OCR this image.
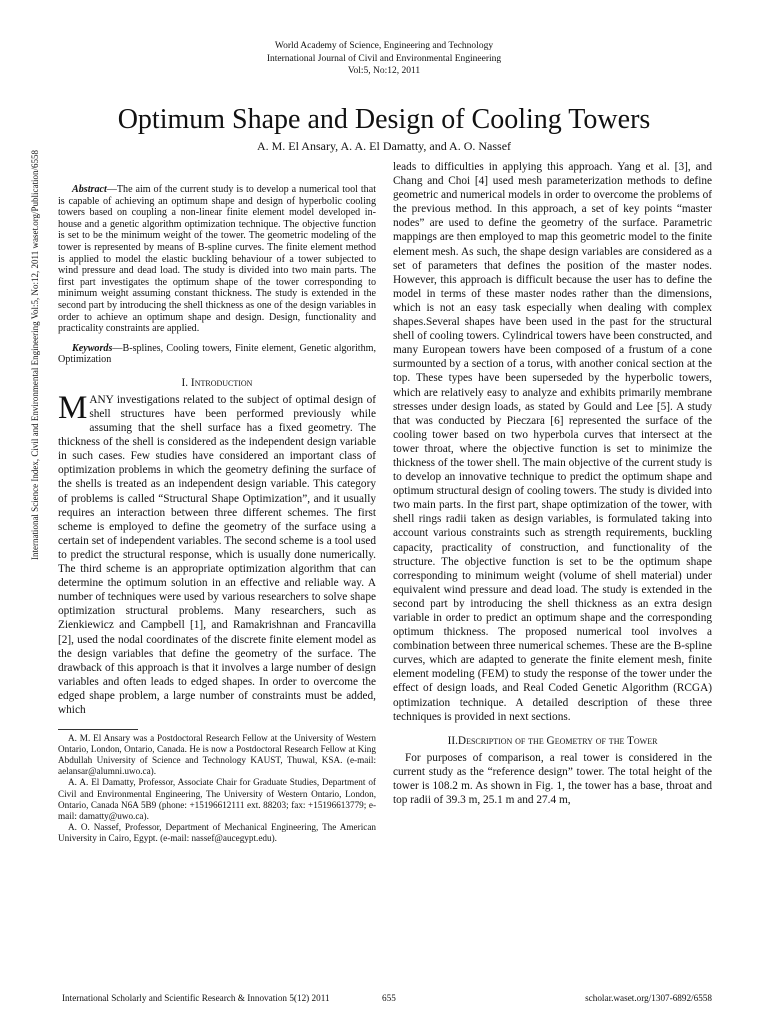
World Academy of Science, Engineering and Technology
International Journal of Civil and Environmental Engineering
Vol:5, No:12, 2011
Optimum Shape and Design of Cooling Towers
A. M. El Ansary, A. A. El Damatty, and A. O. Nassef
International Science Index, Civil and Environmental Engineering Vol:5, No:12, 2011 waset.org/Publication/6558	Abstract—The aim of the current study is to develop a numerical tool that is capable of achieving an optimum shape and design of hyperbolic cooling towers based on coupling a non-linear finite element model developed in-house and a genetic algorithm optimization technique. The objective function is set to be the minimum weight of the tower. The geometric modeling of the tower is represented by means of B-spline curves. The finite element method is applied to model the elastic buckling behaviour of a tower subjected to wind pressure and dead load. The study is divided into two main parts. The first part investigates the optimum shape of the tower corresponding to minimum weight assuming constant thickness. The study is extended in the second part by introducing the shell thickness as one of the design variables in order to achieve an optimum shape and design. Design, functionality and practicality constraints are applied.

Keywords—B-splines, Cooling towers, Finite element, Genetic algorithm, Optimization

I. Introduction

MANY investigations related to the subject of optimal design of shell structures have been performed previously while assuming that the shell surface has a fixed geometry. The thickness of the shell is considered as the independent design variable in such cases. Few studies have considered an important class of optimization problems in which the geometry defining the surface of the shells is treated as an independent design variable. This category of problems is called “Structural Shape Optimization”, and it usually requires an interaction between three different schemes. The first scheme is employed to define the geometry of the surface using a certain set of independent variables. The second scheme is a tool used to predict the structural response, which is usually done numerically. The third scheme is an appropriate optimization algorithm that can determine the optimum solution in an effective and reliable way. A number of techniques were used by various researchers to solve shape optimization structural problems. Many researchers, such as Zienkiewicz and Campbell [1], and Ramakrishnan and Francavilla [2], used the nodal coordinates of the discrete finite element model as the design variables that define the geometry of the surface. The drawback of this approach is that it involves a large number of design variables and often leads to edged shapes. In order to overcome the edged shape problem, a large number of constraints must be added, which

A. M. El Ansary was a Postdoctoral Research Fellow at the University of Western Ontario, London, Ontario, Canada. He is now a Postdoctoral Research Fellow at King Abdullah University of Science and Technology KAUST, Thuwal, KSA. (e-mail: aelansar@alumni.uwo.ca).

A. A. El Damatty, Professor, Associate Chair for Graduate Studies, Department of Civil and Environmental Engineering, The University of Western Ontario, London, Ontario, Canada N6A 5B9 (phone: +15196612111 ext. 88203; fax: +15196613779; e-mail: damatty@uwo.ca).

A. O. Nassef, Professor, Department of Mechanical Engineering, The American University in Cairo, Egypt. (e-mail: nassef@aucegypt.edu).

leads to difficulties in applying this approach. Yang et al. [3], and Chang and Choi [4] used mesh parameterization methods to define geometric and numerical models in order to overcome the problems of the previous method. In this approach, a set of key points “master nodes” are used to define the geometry of the surface. Parametric mappings are then employed to map this geometric model to the finite element mesh. As such, the shape design variables are considered as a set of parameters that defines the position of the master nodes. However, this approach is difficult because the user has to define the model in terms of these master nodes rather than the dimensions, which is not an easy task especially when dealing with complex shapes.Several shapes have been used in the past for the structural shell of cooling towers. Cylindrical towers have been constructed, and many European towers have been composed of a frustum of a cone surmounted by a section of a torus, with another conical section at the top. These types have been superseded by the hyperbolic towers, which are relatively easy to analyze and exhibits primarily membrane stresses under design loads, as stated by Gould and Lee [5]. A study that was conducted by Pieczara [6] represented the surface of the cooling tower based on two hyperbola curves that intersect at the tower throat, where the objective function is set to minimize the thickness of the tower shell. The main objective of the current study is to develop an innovative technique to predict the optimum shape and optimum structural design of cooling towers. The study is divided into two main parts. In the first part, shape optimization of the tower, with shell rings radii taken as design variables, is formulated taking into account various constraints such as strength requirements, buckling capacity, practicality of construction, and functionality of the structure. The objective function is set to be the optimum shape corresponding to minimum weight (volume of shell material) under equivalent wind pressure and dead load. The study is extended in the second part by introducing the shell thickness as an extra design variable in order to predict an optimum shape and the corresponding optimum thickness. The proposed numerical tool involves a combination between three numerical schemes. These are the B-spline curves, which are adapted to generate the finite element mesh, finite element modeling (FEM) to study the response of the tower under the effect of design loads, and Real Coded Genetic Algorithm (RCGA) optimization technique. A detailed description of these three techniques is provided in next sections.

II.Description of the Geometry of the Tower

For purposes of comparison, a real tower is considered in the current study as the “reference design” tower. The total height of the tower is 108.2 m. As shown in Fig. 1, the tower has a base, throat and top radii of 39.3 m, 25.1 m and 27.4 m,

International Scholarly and Scientific Research & Innovation 5(12) 2011	655	scholar.waset.org/1307-6892/6558
